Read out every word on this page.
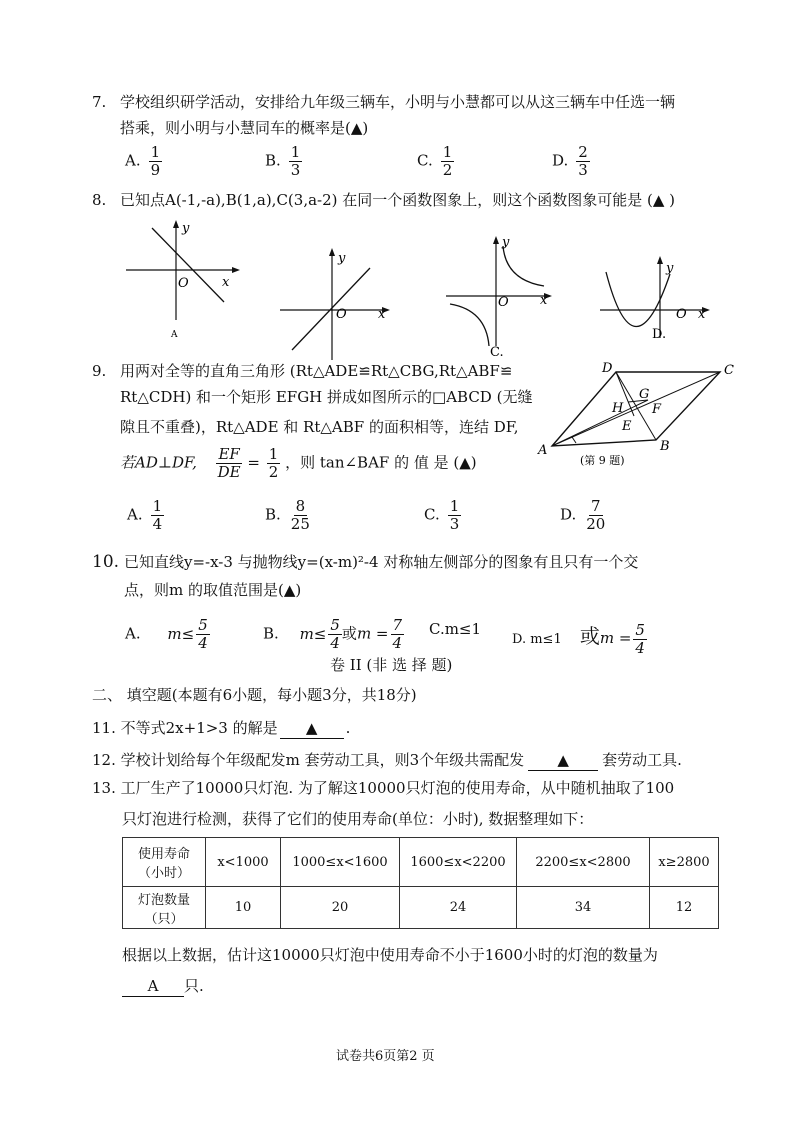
7. 学校组织研学活动，安排给九年级三辆车，小明与小慧都可以从这三辆车中任选一辆
搭乘，则小明与小慧同车的概率是(▲)
A. $\frac{1}{9}$	B. $\frac{1}{3}$	C. $\frac{1}{2}$	D. $\frac{2}{3}$
8. 已知点A(-1,-a),B(1,a),C(3,a-2) 在同一个函数图象上，则这个函数图象可能是 (▲ )
y
x
O
A
y
x
O
y
x
O
C.
y
x
O
D.
9. 用两对全等的直角三角形 (Rt△ADE≌Rt△CBG,Rt△ABF≌
Rt△CDH) 和一个矩形 EFGH 拼成如图所示的□ABCD (无缝
隙且不重叠)，Rt△ADE 和 Rt△ABF 的面积相等，连结 DF,
若AD⊥DF, $\frac{EF}{DE} = \frac{1}{2}$ ，则 tan∠BAF 的 值 是 (▲)
D	C
A	B
G
H F
E
(第 9 题)
A. $\frac{1}{4}$	B. $\frac{8}{25}$	C. $\frac{1}{3}$	D. $\frac{7}{20}$
10. 已知直线y=-x-3 与抛物线y=(x-m)²-4 对称轴左侧部分的图象有且只有一个交
点，则m 的取值范围是(▲)
A. $m\le \frac{5}{4}$	B. $m\le \frac{5}{4}$ 或$m = \frac{7}{4} C.m\le 1$
D. m≤1 或$m = \frac{5}{4}$
卷 II (非 选 择 题)
二、 填空题(本题有6小题，每小题3分，共18分)
11. 不等式2x+1>3 的解是 ▲ .
12. 学校计划给每个年级配发m 套劳动工具，则3个年级共需配发 ▲ 套劳动工具.
13. 工厂生产了10000只灯泡. 为了解这10000只灯泡的使用寿命，从中随机抽取了100
只灯泡进行检测，获得了它们的使用寿命(单位：小时), 数据整理如下：
使用寿命
（小时）	x<1000	1000≤x<1600	1600≤x<2200	2200≤x<2800	x≥2800

灯泡数量
（只）	10	20	24	34	12
根据以上数据，估计这10000只灯泡中使用寿命不小于1600小时的灯泡的数量为
A 只.
试卷共6页第2 页
